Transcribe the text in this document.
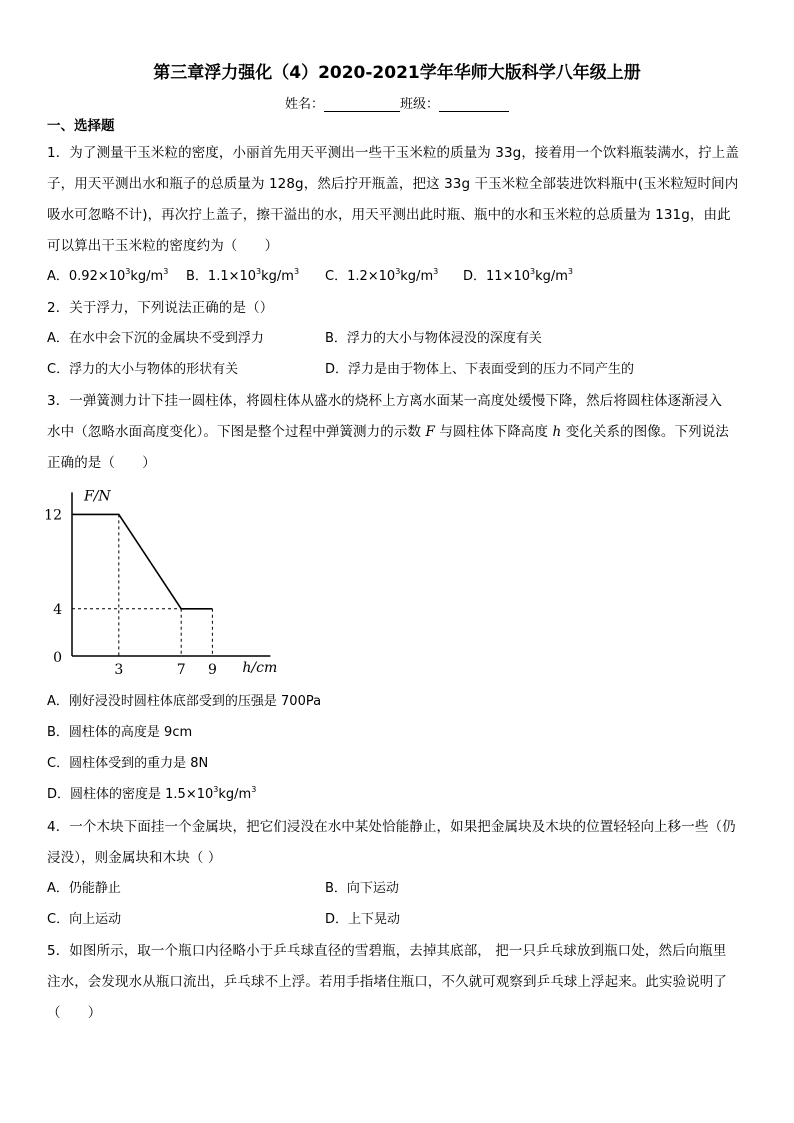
第三章浮力强化（4）2020-2021学年华师大版科学八年级上册
姓名：	班级：
一、选择题
1．为了测量干玉米粒的密度，小丽首先用天平测出一些干玉米粒的质量为 33g，接着用一个饮料瓶装满水，拧上盖
子，用天平测出水和瓶子的总质量为 128g，然后拧开瓶盖，把这 33g 干玉米粒全部装进饮料瓶中(玉米粒短时间内
吸水可忽略不计)，再次拧上盖子，擦干溢出的水，用天平测出此时瓶、瓶中的水和玉米粒的总质量为 131g，由此
可以算出干玉米粒的密度约为（　　）
A．$0.92\times 10^3kg/m^3$ B．$1.1\times 10^3kg/m^3$ C．$1.2\times 10^3kg/m^3$ D．$11\times 10^3kg/m^3$
2．关于浮力，下列说法正确的是（）
A．在水中会下沉的金属块不受到浮力	B．浮力的大小与物体浸没的深度有关
C．浮力的大小与物体的形状有关	D．浮力是由于物体上、下表面受到的压力不同产生的
3．一弹簧测力计下挂一圆柱体，将圆柱体从盛水的烧杯上方离水面某一高度处缓慢下降，然后将圆柱体逐渐浸入
水中（忽略水面高度变化）。下图是整个过程中弹簧测力的示数 F 与圆柱体下降高度 h 变化关系的图像。下列说法
正确的是（　　）
3	7 9
12
4
0
F/N
h/cm
A．刚好浸没时圆柱体底部受到的压强是 700Pa
B．圆柱体的高度是 9cm
C．圆柱体受到的重力是 8N
D．圆柱体的密度是 $1.5\times 10^3kg/m^3$
4．一个木块下面挂一个金属块，把它们浸没在水中某处恰能静止，如果把金属块及木块的位置轻轻向上移一些（仍
浸没），则金属块和木块（ ）
A．仍能静止	B．向下运动
C．向上运动	D．上下晃动
5．如图所示，取一个瓶口内径略小于乒乓球直径的雪碧瓶，去掉其底部， 把一只乒乓球放到瓶口处，然后向瓶里
注水，会发现水从瓶口流出，乒乓球不上浮。若用手指堵住瓶口，不久就可观察到乒乓球上浮起来。此实验说明了
（　　）
